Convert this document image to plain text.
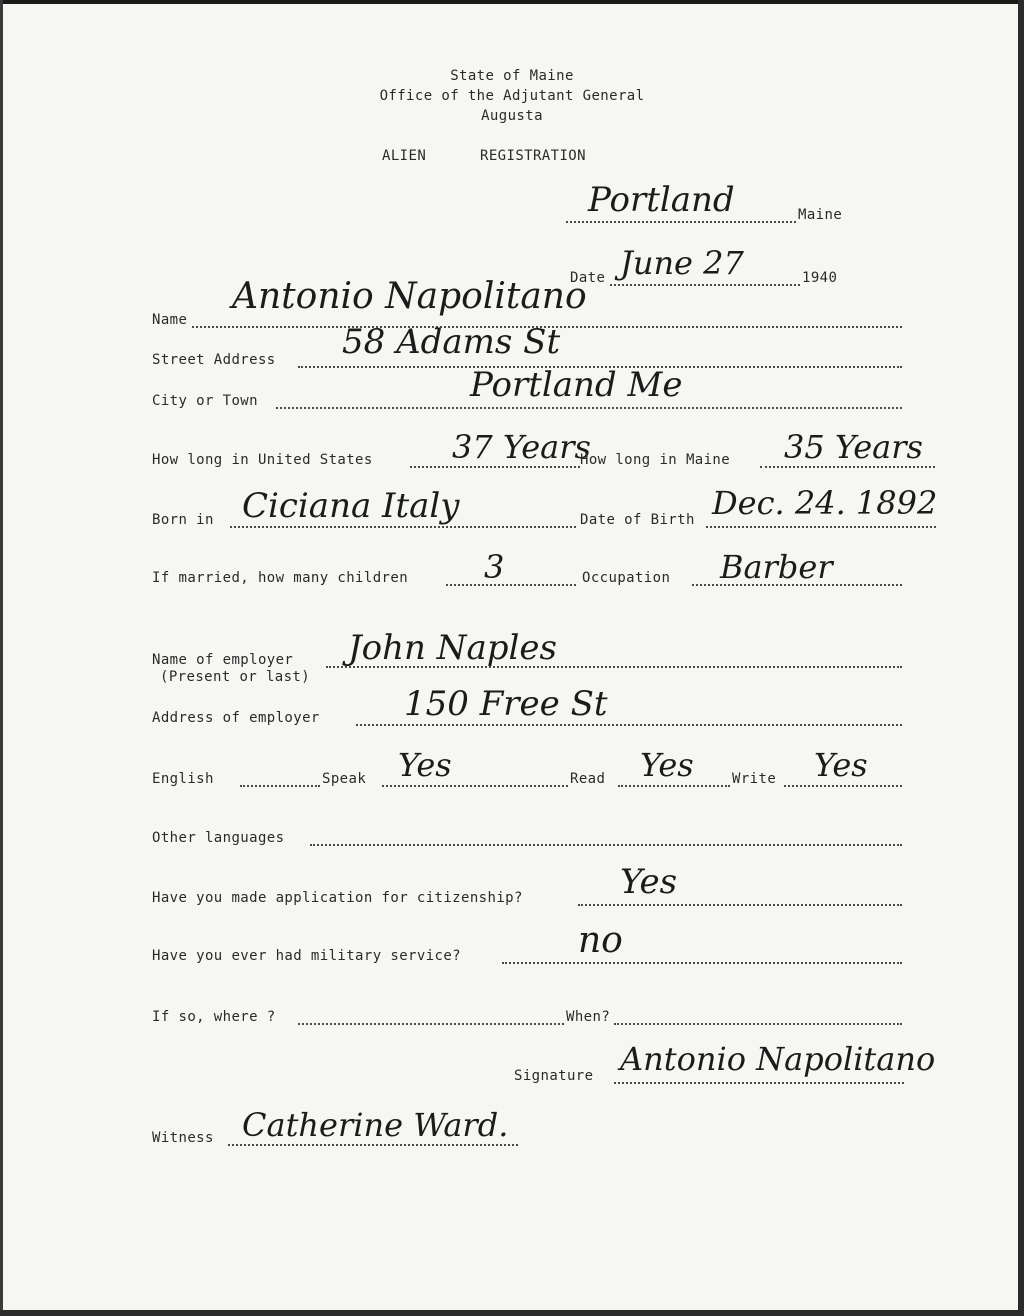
State of Maine
Office of the Adjutant General
Augusta
ALIEN	REGISTRATION
Portland	Maine
Date June 27	1940
Name
Antonio Napolitano
Street Address 58 Adams St
City or Town	Portland Me
How long in United States 37 Years
How long in Maine 35 Years
Born in Ciciana Italy	Date of Birth Dec. 24. 1892
If married, how many children 3	Occupation Barber
Name of employer
(Present or last)
John Naples
Address of employer 150 Free St
English	Speak Yes	Read Yes	Write Yes
Other languages
Have you made application for citizenship?	Yes
Have you ever had military service?	no
If so, where ?	When?
Signature Antonio Napolitano
Witness Catherine Ward.
